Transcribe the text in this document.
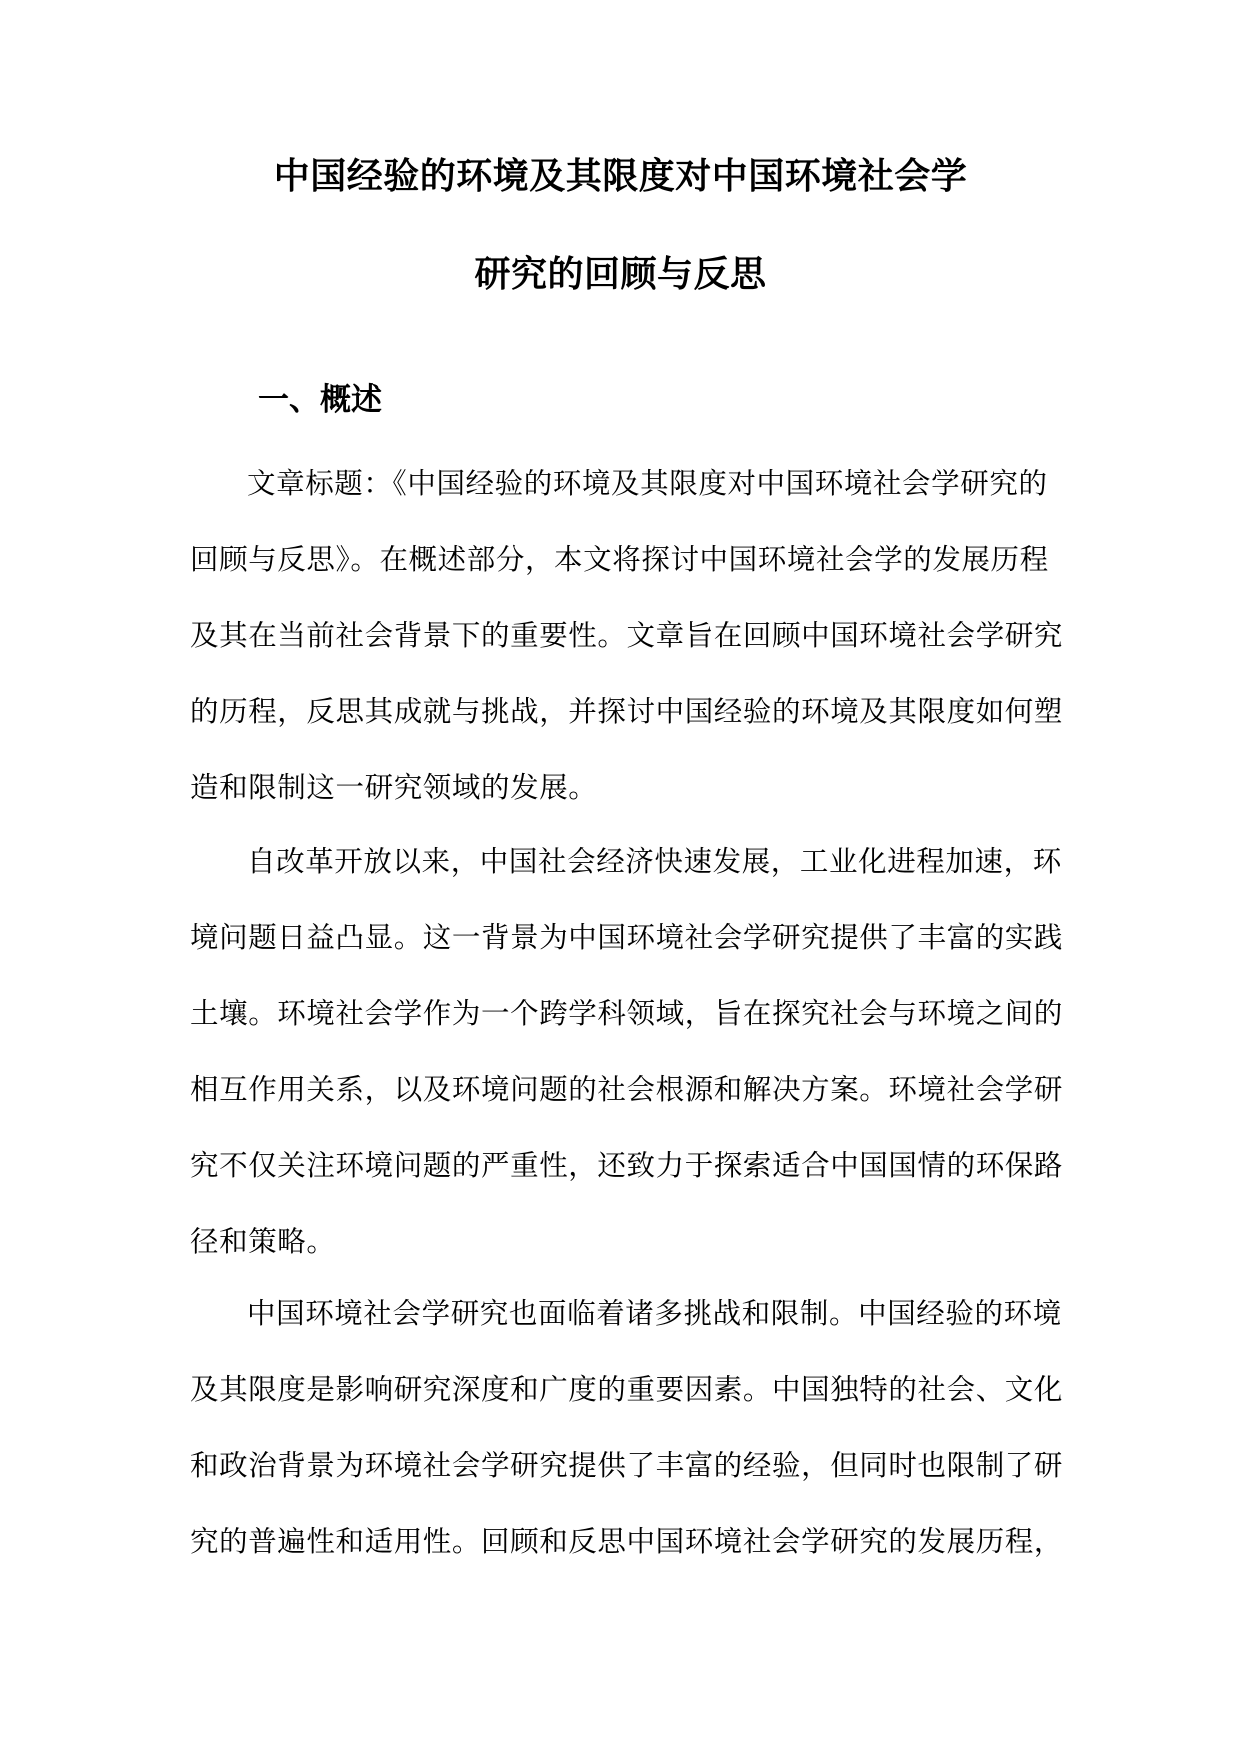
中国经验的环境及其限度对中国环境社会学
研究的回顾与反思
一、概述
文章标题：《中国经验的环境及其限度对中国环境社会学研究的
回顾与反思》。在概述部分，本文将探讨中国环境社会学的发展历程
及其在当前社会背景下的重要性。文章旨在回顾中国环境社会学研究
的历程，反思其成就与挑战，并探讨中国经验的环境及其限度如何塑
造和限制这一研究领域的发展。
自改革开放以来，中国社会经济快速发展，工业化进程加速，环
境问题日益凸显。这一背景为中国环境社会学研究提供了丰富的实践
土壤。环境社会学作为一个跨学科领域，旨在探究社会与环境之间的
相互作用关系，以及环境问题的社会根源和解决方案。环境社会学研
究不仅关注环境问题的严重性，还致力于探索适合中国国情的环保路
径和策略。
中国环境社会学研究也面临着诸多挑战和限制。中国经验的环境
及其限度是影响研究深度和广度的重要因素。中国独特的社会、文化
和政治背景为环境社会学研究提供了丰富的经验，但同时也限制了研
究的普遍性和适用性。回顾和反思中国环境社会学研究的发展历程，
